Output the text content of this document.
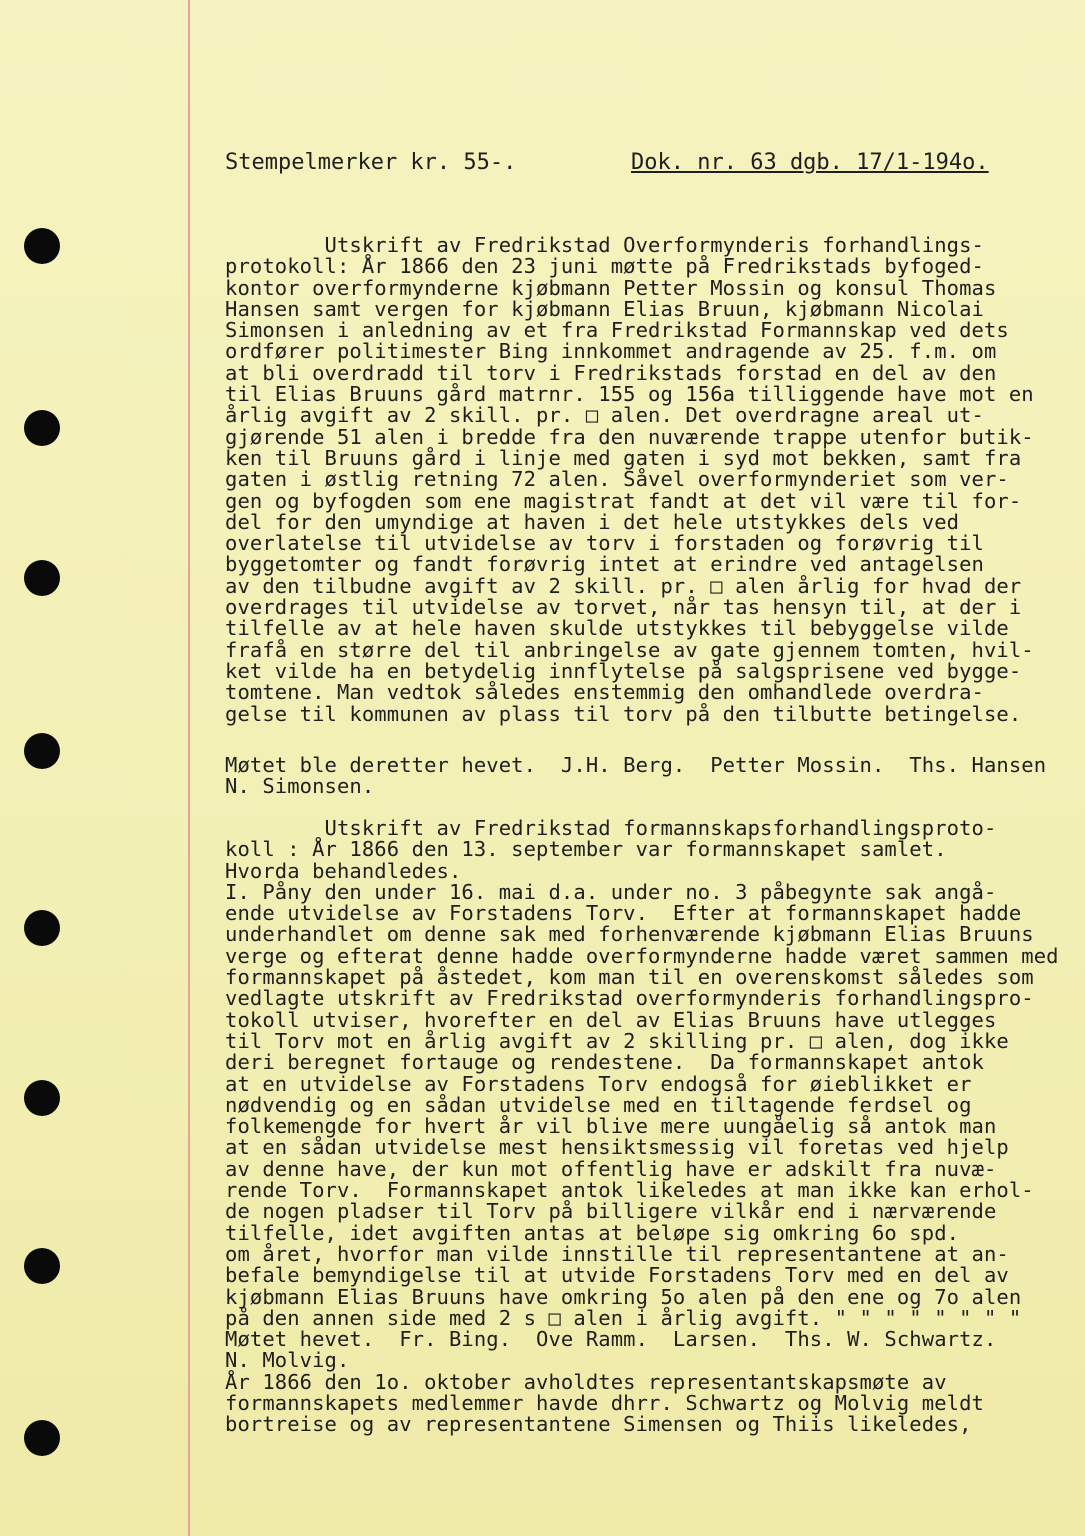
Stempelmerker kr. 55-.	Dok. nr. 63 dgb. 17/1-194o.
Utskrift av Fredrikstad Overformynderis forhandlings-
protokoll: År 1866 den 23 juni møtte på Fredrikstads byfoged-
kontor overformynderne kjøbmann Petter Mossin og konsul Thomas
Hansen samt vergen for kjøbmann Elias Bruun, kjøbmann Nicolai
Simonsen i anledning av et fra Fredrikstad Formannskap ved dets
ordfører politimester Bing innkommet andragende av 25. f.m. om
at bli overdradd til torv i Fredrikstads forstad en del av den
til Elias Bruuns gård matrnr. 155 og 156a tilliggende have mot en
årlig avgift av 2 skill. pr. □ alen. Det overdragne areal ut-
gjørende 51 alen i bredde fra den nuværende trappe utenfor butik-
ken til Bruuns gård i linje med gaten i syd mot bekken, samt fra
gaten i østlig retning 72 alen. Såvel overformynderiet som ver-
gen og byfogden som ene magistrat fandt at det vil være til for-
del for den umyndige at haven i det hele utstykkes dels ved
overlatelse til utvidelse av torv i forstaden og forøvrig til
byggetomter og fandt forøvrig intet at erindre ved antagelsen
av den tilbudne avgift av 2 skill. pr. □ alen årlig for hvad der
overdrages til utvidelse av torvet, når tas hensyn til, at der i
tilfelle av at hele haven skulde utstykkes til bebyggelse vilde
frafå en større del til anbringelse av gate gjennem tomten, hvil-
ket vilde ha en betydelig innflytelse på salgsprisene ved bygge-
tomtene. Man vedtok således enstemmig den omhandlede overdra-
gelse til kommunen av plass til torv på den tilbutte betingelse.
Møtet ble deretter hevet.  J.H. Berg.  Petter Mossin.  Ths. Hansen
N. Simonsen.
Utskrift av Fredrikstad formannskapsforhandlingsproto-
koll : År 1866 den 13. september var formannskapet samlet.
Hvorda behandledes.
I. Påny den under 16. mai d.a. under no. 3 påbegynte sak angå-
ende utvidelse av Forstadens Torv.  Efter at formannskapet hadde
underhandlet om denne sak med forhenværende kjøbmann Elias Bruuns
verge og efterat denne hadde overformynderne hadde været sammen med
formannskapet på åstedet, kom man til en overenskomst således som
vedlagte utskrift av Fredrikstad overformynderis forhandlingspro-
tokoll utviser, hvorefter en del av Elias Bruuns have utlegges
til Torv mot en årlig avgift av 2 skilling pr. □ alen, dog ikke
deri beregnet fortauge og rendestene.  Da formannskapet antok
at en utvidelse av Forstadens Torv endogså for øieblikket er
nødvendig og en sådan utvidelse med en tiltagende ferdsel og
folkemengde for hvert år vil blive mere uungåelig så antok man
at en sådan utvidelse mest hensiktsmessig vil foretas ved hjelp
av denne have, der kun mot offentlig have er adskilt fra nuvæ-
rende Torv.  Formannskapet antok likeledes at man ikke kan erhol-
de nogen pladser til Torv på billigere vilkår end i nærværende
tilfelle, idet avgiften antas at beløpe sig omkring 6o spd.
om året, hvorfor man vilde innstille til representantene at an-
befale bemyndigelse til at utvide Forstadens Torv med en del av
kjøbmann Elias Bruuns have omkring 5o alen på den ene og 7o alen
på den annen side med 2 s □ alen i årlig avgift. " " " " " " " "
Møtet hevet.  Fr. Bing.  Ove Ramm.  Larsen.  Ths. W. Schwartz.
N. Molvig.
År 1866 den 1o. oktober avholdtes representantskapsmøte av
formannskapets medlemmer havde dhrr. Schwartz og Molvig meldt
bortreise og av representantene Simensen og Thiis likeledes,
